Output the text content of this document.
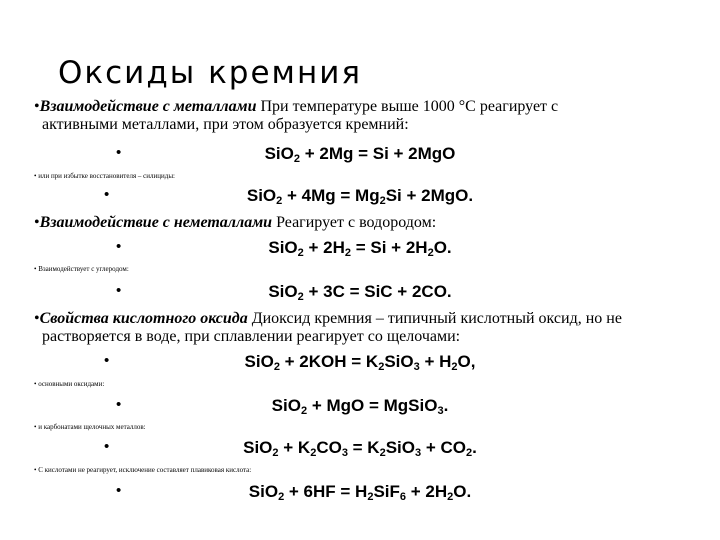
Оксиды кремния
•Взаимодействие с металлами При температуре выше 1000 °С реагирует с
активными металлами, при этом образуется кремний:
•	SiO$_2$ + 2Mg = Si + 2MgO
• или при избытке восстановителя – силициды:
•	$SiO_2 + 4Mg = Mg_2Si + 2MgO$.
•Взаимодействие с неметаллами Реагирует с водородом:
•	$SiO_2 + 2H_2 = Si + 2H_2O$.
• Взаимодействует с углеродом:
•	SiO$_2$ + 3C = SiC + 2CO.
•Свойства кислотного оксида Диоксид кремния – типичный кислотный оксид, но не
растворяется в воде, при сплавлении реагирует со щелочами:
•	$SiO_2 + 2KOH = K_2SiO_3 + H_2O$,
• основными оксидами:
•	SiO$_2$ + MgO = MgSiO$_3$.
• и карбонатами щелочных металлов:
•	$SiO_2 + K_2CO_3 = K_2SiO_3 + CO_2$.
• С кислотами не реагирует, исключение составляет плавиковая кислота:
•	$SiO_2 + 6HF = H_2SiF_6 + 2H_2O$.
